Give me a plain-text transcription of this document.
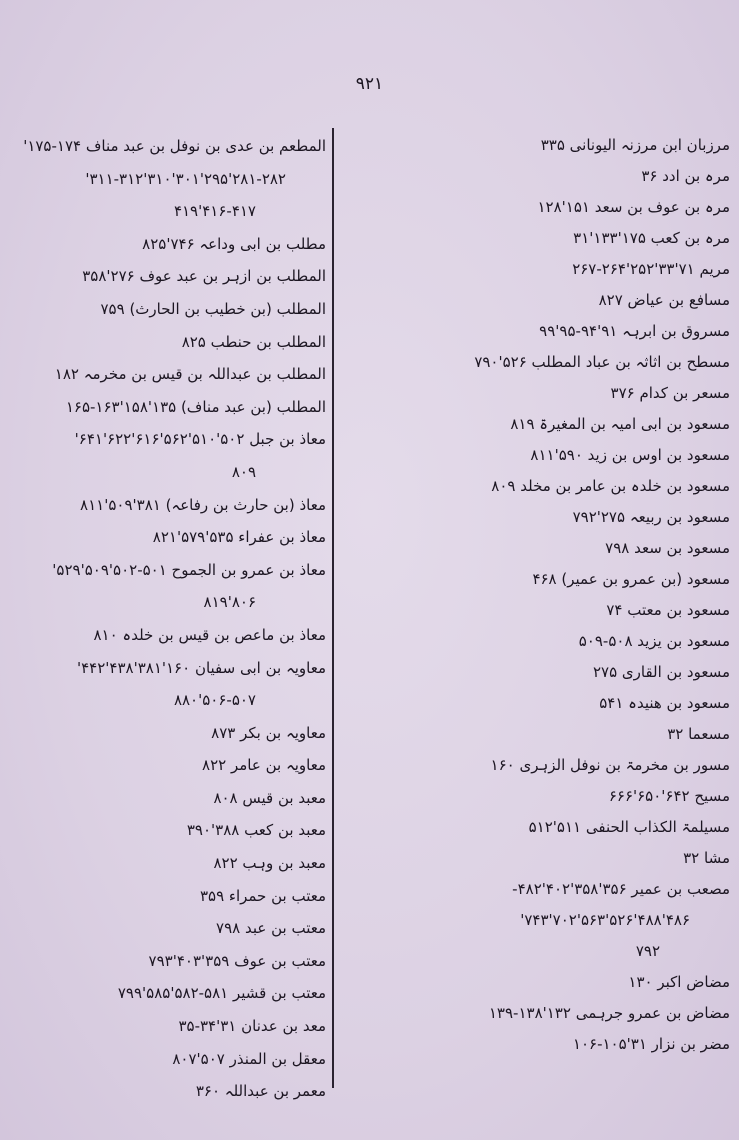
۹۲۱
مرزبان ابن مرزنہ الیونانی ۳۳۵
مرہ بن ادد ۳۶
مرہ بن عوف بن سعد ۱۵۱'۱۲۸
مرہ بن کعب ۱۷۵'۱۳۳'۳۱
مریم ۷۱'۳۳'۲۵۲'۲۶۴-۲۶۷
مسافع بن عیاض ۸۲۷
مسروق بن ابرہہ ۹۱'۹۴-۹۵'۹۹
مسطح بن اثاثہ بن عباد المطلب ۵۲۶'۷۹۰
مسعر بن کدام ۳۷۶
مسعود بن ابی امیہ بن المغیرۃ ۸۱۹
مسعود بن اوس بن زید ۵۹۰'۸۱۱
مسعود بن خلدہ بن عامر بن مخلد ۸۰۹
مسعود بن ربیعہ ۲۷۵'۷۹۲
مسعود بن سعد ۷۹۸
مسعود (بن عمرو بن عمیر) ۴۶۸
مسعود بن معتب ۷۴
مسعود بن یزید ۵۰۸-۵۰۹
مسعود بن القاری ۲۷۵
مسعود بن ھنیدہ ۵۴۱
مسعما ۳۲
مسور بن مخرمۃ بن نوفل الزہری ۱۶۰
مسیح ۶۴۲'۶۵۰'۶۶۶
مسیلمۃ الکذاب الحنفی ۵۱۱'۵۱۲
مشا ۳۲
مصعب بن عمیر ۳۵۶'۳۵۸'۴۰۲'۴۸۲-
۴۸۶'۴۸۸'۵۲۶'۵۶۳'۷۰۲'۷۴۳'
۷۹۲
مضاض اکبر ۱۳۰
مضاض بن عمرو جرہمی ۱۳۲'۱۳۸-۱۳۹
مضر بن نزار ۳۱'۱۰۵-۱۰۶
المطعم بن عدی بن نوفل بن عبد مناف ۱۷۴-۱۷۵'
۲۸۱-۲۸۲'۲۹۵'۳۰۱'۳۱۰'۳۱۱-۳۱۲'
۴۱۶-۴۱۷'۴۱۹
مطلب بن ابی وداعہ ۷۴۶'۸۲۵
المطلب بن ازہر بن عبد عوف ۲۷۶'۳۵۸
المطلب (بن خطیب بن الحارث) ۷۵۹
المطلب بن حنطب ۸۲۵
المطلب بن عبداللہ بن قیس بن مخرمہ ۱۸۲
المطلب (بن عبد مناف) ۱۳۵'۱۵۸'۱۶۳-۱۶۵
معاذ بن جبل ۵۰۲'۵۱۰'۵۶۲'۶۱۶'۶۲۲'۶۴۱'
۸۰۹
معاذ (بن حارث بن رفاعہ) ۳۸۱'۵۰۹'۸۱۱
معاذ بن عفراء ۵۳۵'۵۷۹'۸۲۱
معاذ بن عمرو بن الجموح ۵۰۱-۵۰۲'۵۰۹'۵۲۹'
۸۰۶'۸۱۹
معاذ بن ماعص بن قیس بن خلدہ ۸۱۰
معاویہ بن ابی سفیان ۱۶۰'۳۸۱'۴۳۸'۴۴۲'
۵۰۶-۵۰۷'۸۸۰
معاویہ بن بکر ۸۷۳
معاویہ بن عامر ۸۲۲
معبد بن قیس ۸۰۸
معبد بن کعب ۳۸۸'۳۹۰
معبد بن وہب ۸۲۲
معتب بن حمراء ۳۵۹
معتب بن عبد ۷۹۸
معتب بن عوف ۳۵۹'۴۰۳'۷۹۳
معتب بن قشیر ۵۸۱-۵۸۲'۵۸۵'۷۹۹
معد بن عدنان ۳۱'۳۴-۳۵
معقل بن المنذر ۵۰۷'۸۰۷
معمر بن عبداللہ ۳۶۰
